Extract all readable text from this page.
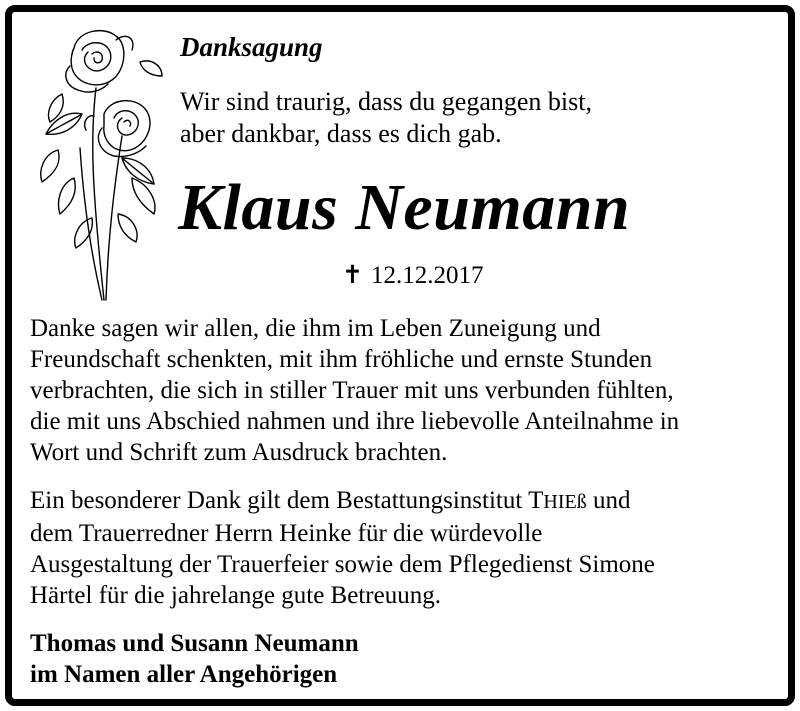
Danksagung
Wir sind traurig, dass du gegangen bist,
aber dankbar, dass es dich gab.
Klaus Neumann
✝ 12.12.2017
Danke sagen wir allen, die ihm im Leben Zuneigung und
Freundschaft schenkten, mit ihm fröhliche und ernste Stunden
verbrachten, die sich in stiller Trauer mit uns verbunden fühlten,
die mit uns Abschied nahmen und ihre liebevolle Anteilnahme in
Wort und Schrift zum Ausdruck brachten.
Ein besonderer Dank gilt dem Bestattungsinstitut THIEß und
dem Trauerredner Herrn Heinke für die würdevolle
Ausgestaltung der Trauerfeier sowie dem Pflegedienst Simone
Härtel für die jahrelange gute Betreuung.
Thomas und Susann Neumann
im Namen aller Angehörigen
